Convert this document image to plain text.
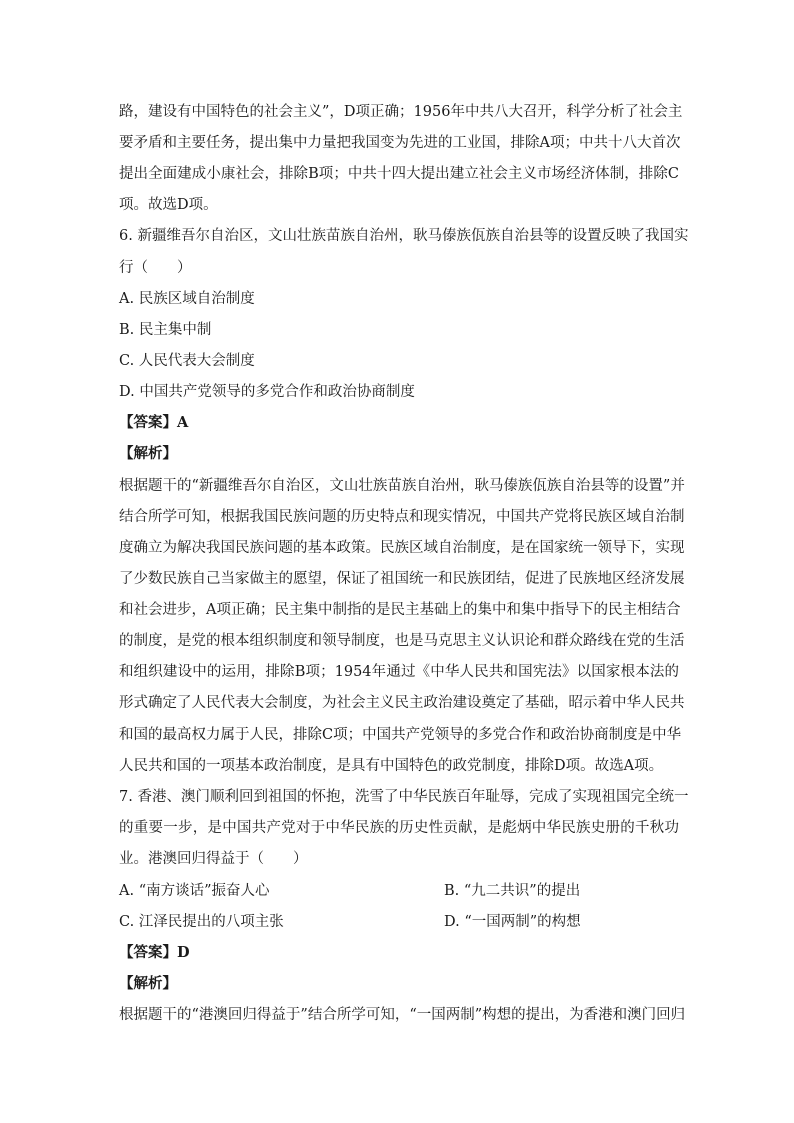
路，建设有中国特色的社会主义”，D项正确；1956年中共八大召开，科学分析了社会主
要矛盾和主要任务，提出集中力量把我国变为先进的工业国，排除A项；中共十八大首次
提出全面建成小康社会，排除B项；中共十四大提出建立社会主义市场经济体制，排除C
项。故选D项。
6. 新疆维吾尔自治区，文山壮族苗族自治州，耿马傣族佤族自治县等的设置反映了我国实
行（　　）
A. 民族区域自治制度
B. 民主集中制
C. 人民代表大会制度
D. 中国共产党领导的多党合作和政治协商制度
【答案】A
【解析】
根据题干的“新疆维吾尔自治区，文山壮族苗族自治州，耿马傣族佤族自治县等的设置”并
结合所学可知，根据我国民族问题的历史特点和现实情况，中国共产党将民族区域自治制
度确立为解决我国民族问题的基本政策。民族区域自治制度，是在国家统一领导下，实现
了少数民族自己当家做主的愿望，保证了祖国统一和民族团结，促进了民族地区经济发展
和社会进步，A项正确；民主集中制指的是民主基础上的集中和集中指导下的民主相结合
的制度，是党的根本组织制度和领导制度，也是马克思主义认识论和群众路线在党的生活
和组织建设中的运用，排除B项；1954年通过《中华人民共和国宪法》以国家根本法的
形式确定了人民代表大会制度，为社会主义民主政治建设奠定了基础，昭示着中华人民共
和国的最高权力属于人民，排除C项；中国共产党领导的多党合作和政治协商制度是中华
人民共和国的一项基本政治制度，是具有中国特色的政党制度，排除D项。故选A项。
7. 香港、澳门顺利回到祖国的怀抱，洗雪了中华民族百年耻辱，完成了实现祖国完全统一
的重要一步，是中国共产党对于中华民族的历史性贡献，是彪炳中华民族史册的千秋功
业。港澳回归得益于（　　）
A. “南方谈话”振奋人心	B. “九二共识”的提出
C. 江泽民提出的八项主张	D. “一国两制”的构想
【答案】D
【解析】
根据题干的“港澳回归得益于”结合所学可知，“一国两制”构想的提出，为香港和澳门回归
